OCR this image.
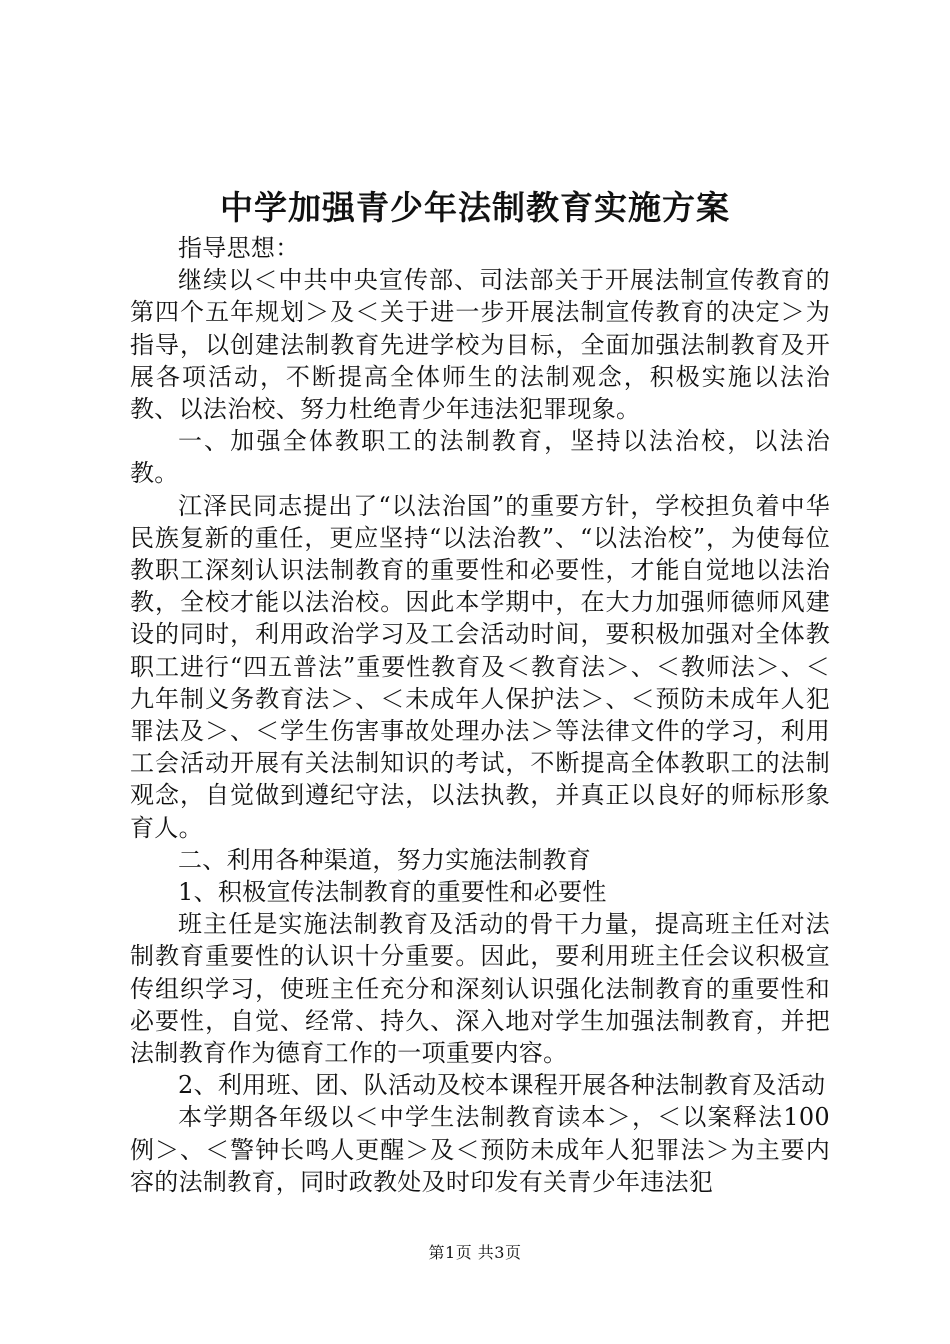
中学加强青少年法制教育实施方案

指导思想：

继续以＜中共中央宣传部、司法部关于开展法制宣传教育的第四个五年规划＞及＜关于进一步开展法制宣传教育的决定＞为指导，以创建法制教育先进学校为目标，全面加强法制教育及开展各项活动，不断提高全体师生的法制观念，积极实施以法治教、以法治校、努力杜绝青少年违法犯罪现象。

一、加强全体教职工的法制教育，坚持以法治校，以法治教。

江泽民同志提出了“以法治国”的重要方针，学校担负着中华民族复新的重任，更应坚持“以法治教”、“以法治校”，为使每位教职工深刻认识法制教育的重要性和必要性，才能自觉地以法治教，全校才能以法治校。因此本学期中，在大力加强师德师风建设的同时，利用政治学习及工会活动时间，要积极加强对全体教职工进行“四五普法”重要性教育及＜教育法＞、＜教师法＞、＜九年制义务教育法＞、＜未成年人保护法＞、＜预防未成年人犯罪法及＞、＜学生伤害事故处理办法＞等法律文件的学习，利用工会活动开展有关法制知识的考试，不断提高全体教职工的法制观念，自觉做到遵纪守法，以法执教，并真正以良好的师标形象育人。

二、利用各种渠道，努力实施法制教育

1、积极宣传法制教育的重要性和必要性

班主任是实施法制教育及活动的骨干力量，提高班主任对法制教育重要性的认识十分重要。因此，要利用班主任会议积极宣传组织学习，使班主任充分和深刻认识强化法制教育的重要性和必要性，自觉、经常、持久、深入地对学生加强法制教育，并把法制教育作为德育工作的一项重要内容。

2、利用班、团、队活动及校本课程开展各种法制教育及活动

本学期各年级以＜中学生法制教育读本＞，＜以案释法100例＞、＜警钟长鸣人更醒＞及＜预防未成年人犯罪法＞为主要内容的法制教育，同时政教处及时印发有关青少年违法犯

第1页 共3页
